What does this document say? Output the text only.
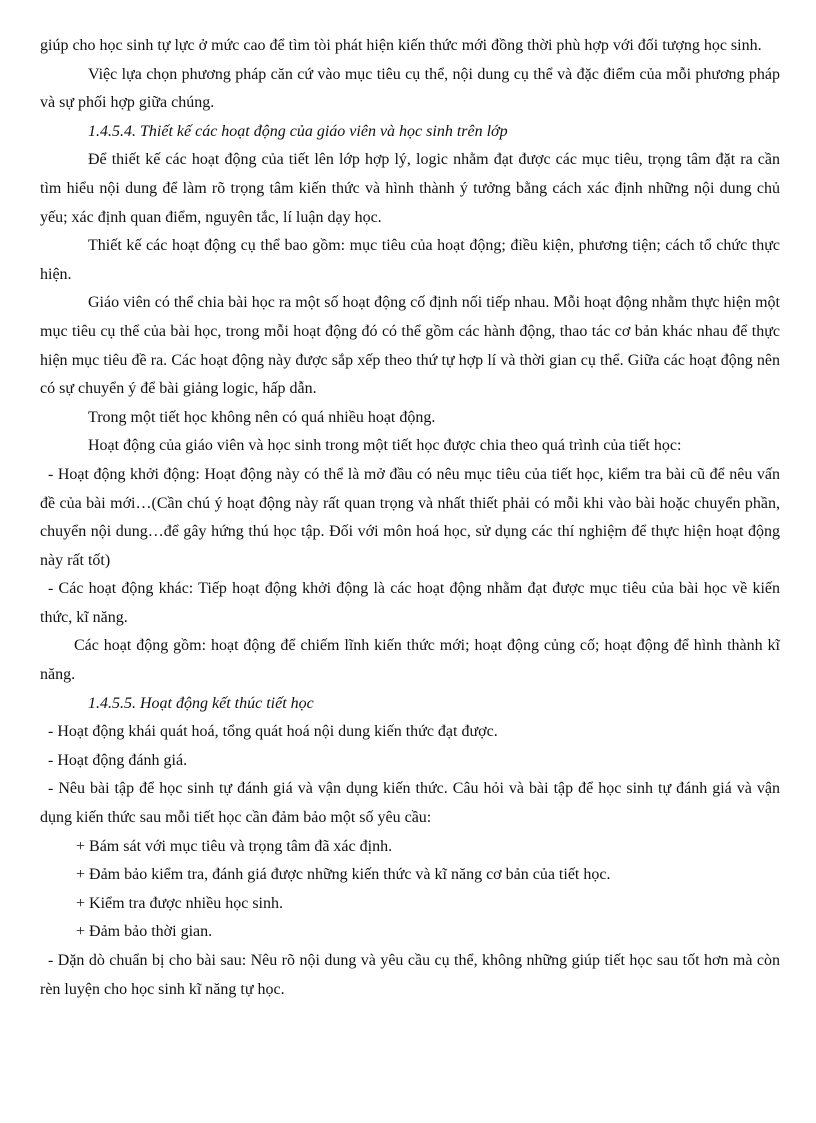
giúp cho học sinh tự lực ở mức cao để tìm tòi phát hiện kiến thức mới đồng thời phù hợp với đối tượng học sinh.

Việc lựa chọn phương pháp căn cứ vào mục tiêu cụ thể, nội dung cụ thể và đặc điểm của mỗi phương pháp và sự phối hợp giữa chúng.

1.4.5.4. Thiết kế các hoạt động của giáo viên và học sinh trên lớp

Để thiết kế các hoạt động của tiết lên lớp hợp lý, logic nhằm đạt được các mục tiêu, trọng tâm đặt ra cần tìm hiểu nội dung để làm rõ trọng tâm kiến thức và hình thành ý tưởng bằng cách xác định những nội dung chủ yếu; xác định quan điểm, nguyên tắc, lí luận dạy học.

Thiết kế các hoạt động cụ thể bao gồm: mục tiêu của hoạt động; điều kiện, phương tiện; cách tổ chức thực hiện.

Giáo viên có thể chia bài học ra một số hoạt động cố định nối tiếp nhau. Mỗi hoạt động nhằm thực hiện một mục tiêu cụ thể của bài học, trong mỗi hoạt động đó có thể gồm các hành động, thao tác cơ bản khác nhau để thực hiện mục tiêu đề ra. Các hoạt động này được sắp xếp theo thứ tự hợp lí và thời gian cụ thể. Giữa các hoạt động nên có sự chuyển ý để bài giảng logic, hấp dẫn.

Trong một tiết học không nên có quá nhiều hoạt động.

Hoạt động của giáo viên và học sinh trong một tiết học được chia theo quá trình của tiết học:

- Hoạt động khởi động: Hoạt động này có thể là mở đầu có nêu mục tiêu của tiết học, kiểm tra bài cũ để nêu vấn đề của bài mới…(Cần chú ý hoạt động này rất quan trọng và nhất thiết phải có mỗi khi vào bài hoặc chuyển phần, chuyển nội dung…để gây hứng thú học tập. Đối với môn hoá học, sử dụng các thí nghiệm để thực hiện hoạt động này rất tốt)

- Các hoạt động khác: Tiếp hoạt động khởi động là các hoạt động nhằm đạt được mục tiêu của bài học về kiến thức, kĩ năng.

Các hoạt động gồm: hoạt động để chiếm lĩnh kiến thức mới; hoạt động củng cố; hoạt động để hình thành kĩ năng.

1.4.5.5. Hoạt động kết thúc tiết học

- Hoạt động khái quát hoá, tổng quát hoá nội dung kiến thức đạt được.

- Hoạt động đánh giá.

- Nêu bài tập để học sinh tự đánh giá và vận dụng kiến thức. Câu hỏi và bài tập để học sinh tự đánh giá và vận dụng kiến thức sau mỗi tiết học cần đảm bảo một số yêu cầu:

+ Bám sát với mục tiêu và trọng tâm đã xác định.

+ Đảm bảo kiểm tra, đánh giá được những kiến thức và kĩ năng cơ bản của tiết học.

+ Kiểm tra được nhiều học sinh.

+ Đảm bảo thời gian.

- Dặn dò chuẩn bị cho bài sau: Nêu rõ nội dung và yêu cầu cụ thể, không những giúp tiết học sau tốt hơn mà còn rèn luyện cho học sinh kĩ năng tự học.
